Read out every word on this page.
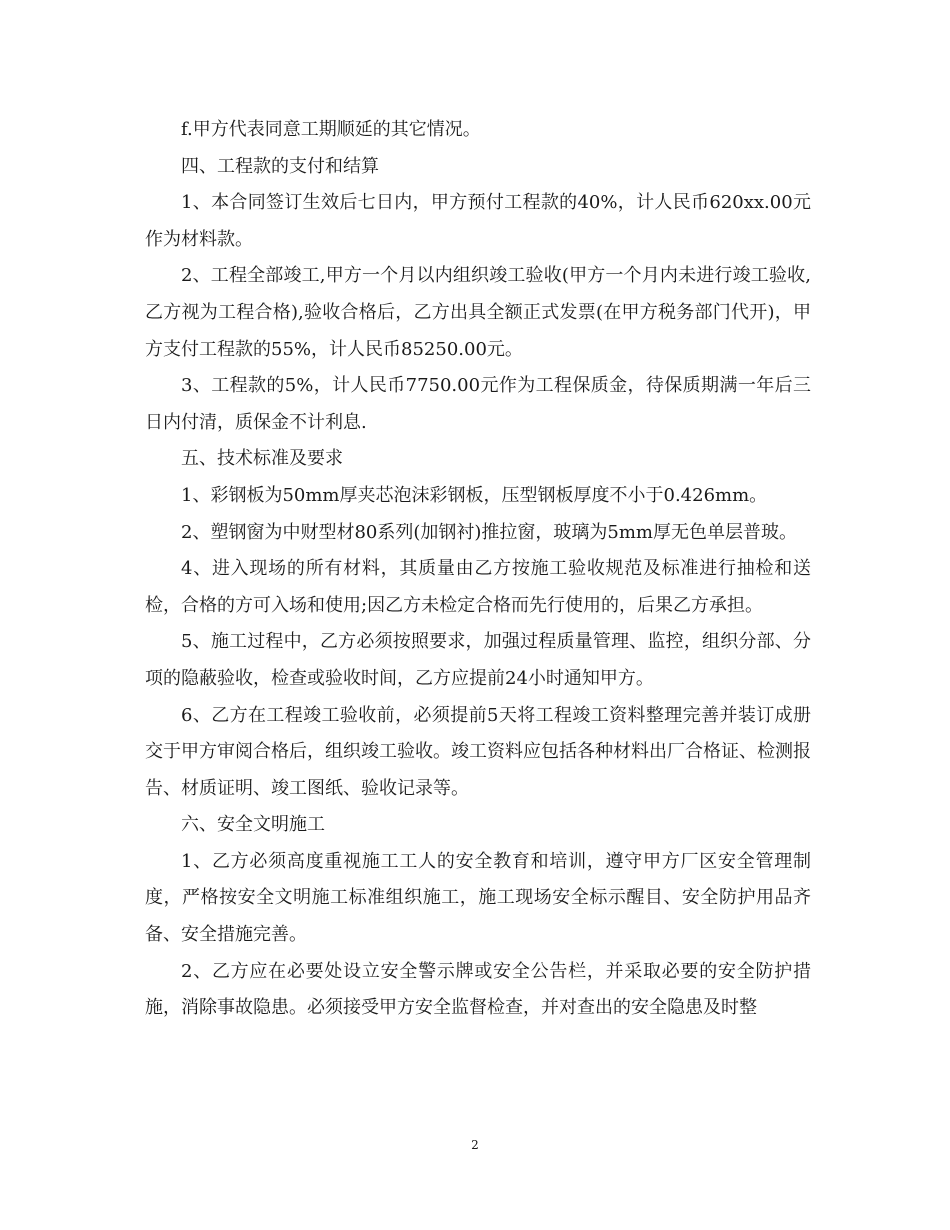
f.甲方代表同意工期顺延的其它情况。

四、工程款的支付和结算

1、本合同签订生效后七日内，甲方预付工程款的40%，计人民币620xx.00元作为材料款。

2、工程全部竣工,甲方一个月以内组织竣工验收(甲方一个月内未进行竣工验收,乙方视为工程合格),验收合格后，乙方出具全额正式发票(在甲方税务部门代开)，甲方支付工程款的55%，计人民币85250.00元。

3、工程款的5%，计人民币7750.00元作为工程保质金，待保质期满一年后三日内付清，质保金不计利息.

五、技术标准及要求

1、彩钢板为50mm厚夹芯泡沫彩钢板，压型钢板厚度不小于0.426mm。

2、塑钢窗为中财型材80系列(加钢衬)推拉窗，玻璃为5mm厚无色单层普玻。

4、进入现场的所有材料，其质量由乙方按施工验收规范及标准进行抽检和送检，合格的方可入场和使用;因乙方未检定合格而先行使用的，后果乙方承担。

5、施工过程中，乙方必须按照要求，加强过程质量管理、监控，组织分部、分项的隐蔽验收，检查或验收时间，乙方应提前24小时通知甲方。

6、乙方在工程竣工验收前，必须提前5天将工程竣工资料整理完善并装订成册交于甲方审阅合格后，组织竣工验收。竣工资料应包括各种材料出厂合格证、检测报告、材质证明、竣工图纸、验收记录等。

六、安全文明施工

1、乙方必须高度重视施工工人的安全教育和培训，遵守甲方厂区安全管理制度，严格按安全文明施工标准组织施工，施工现场安全标示醒目、安全防护用品齐备、安全措施完善。

2、乙方应在必要处设立安全警示牌或安全公告栏，并采取必要的安全防护措施，消除事故隐患。必须接受甲方安全监督检查，并对查出的安全隐患及时整

2
